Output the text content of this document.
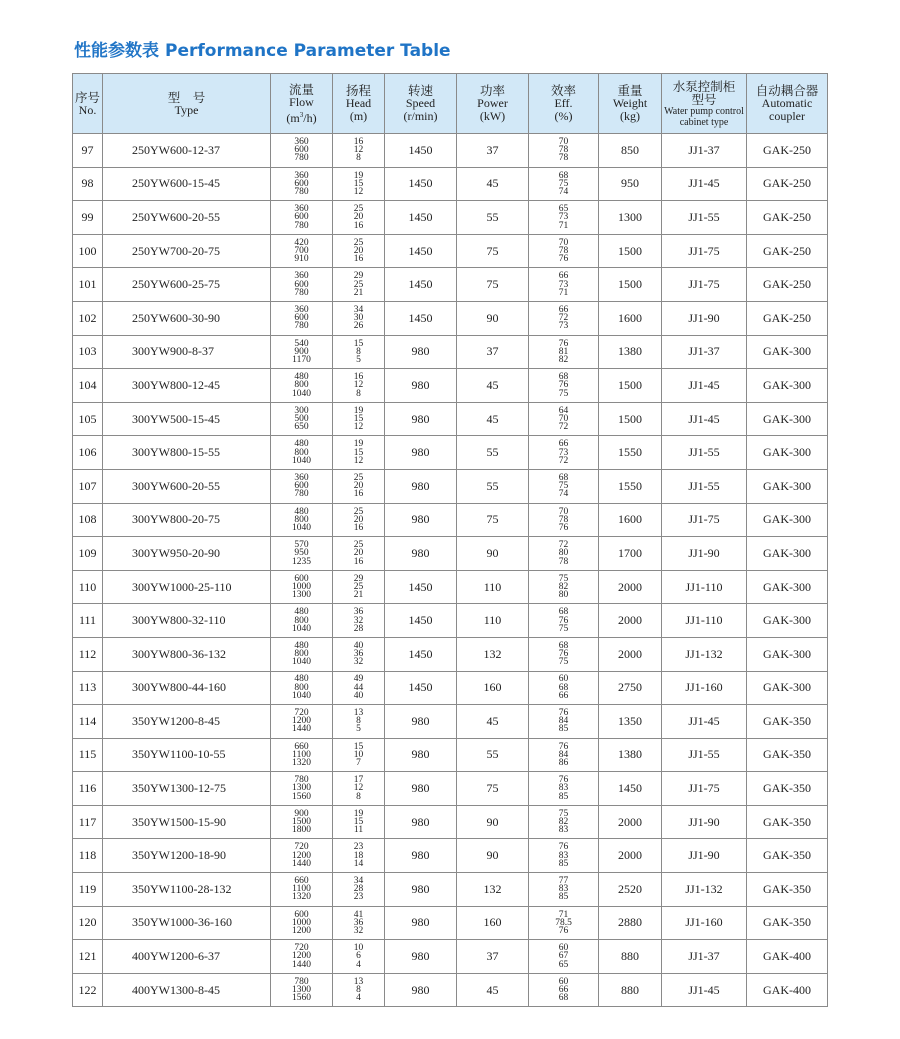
性能参数表 Performance Parameter Table
序号
No.	型　号
Type	流量
Flow
$(m^3/h)$	扬程
Head
(m)	转速
Speed
(r/min)	功率
Power
(kW)	效率
Eff.
(%)	重量
Weight
(kg)	水泵控制柜
型号
Water pump control
cabinet type	自动耦合器
Automatic
coupler

97	250YW600-12-37	360
600
780	16
12
8	1450	37	70
78
78	850	JJ1-37	GAK-250
98	250YW600-15-45	360
600
780	19
15
12	1450	45	68
75
74	950	JJ1-45	GAK-250
99	250YW600-20-55	360
600
780	25
20
16	1450	55	65
73
71	1300	JJ1-55	GAK-250
100	250YW700-20-75	420
700
910	25
20
16	1450	75	70
78
76	1500	JJ1-75	GAK-250
101	250YW600-25-75	360
600
780	29
25
21	1450	75	66
73
71	1500	JJ1-75	GAK-250
102	250YW600-30-90	360
600
780	34
30
26	1450	90	66
72
73	1600	JJ1-90	GAK-250
103	300YW900-8-37	540
900
1170	15
8
5	980	37	76
81
82	1380	JJ1-37	GAK-300
104	300YW800-12-45	480
800
1040	16
12
8	980	45	68
76
75	1500	JJ1-45	GAK-300
105	300YW500-15-45	300
500
650	19
15
12	980	45	64
70
72	1500	JJ1-45	GAK-300
106	300YW800-15-55	480
800
1040	19
15
12	980	55	66
73
72	1550	JJ1-55	GAK-300
107	300YW600-20-55	360
600
780	25
20
16	980	55	68
75
74	1550	JJ1-55	GAK-300
108	300YW800-20-75	480
800
1040	25
20
16	980	75	70
78
76	1600	JJ1-75	GAK-300
109	300YW950-20-90	570
950
1235	25
20
16	980	90	72
80
78	1700	JJ1-90	GAK-300
110	300YW1000-25-110	600
1000
1300	29
25
21	1450	110	75
82
80	2000	JJ1-110	GAK-300
111	300YW800-32-110	480
800
1040	36
32
28	1450	110	68
76
75	2000	JJ1-110	GAK-300
112	300YW800-36-132	480
800
1040	40
36
32	1450	132	68
76
75	2000	JJ1-132	GAK-300
113	300YW800-44-160	480
800
1040	49
44
40	1450	160	60
68
66	2750	JJ1-160	GAK-300
114	350YW1200-8-45	720
1200
1440	13
8
5	980	45	76
84
85	1350	JJ1-45	GAK-350
115	350YW1100-10-55	660
1100
1320	15
10
7	980	55	76
84
86	1380	JJ1-55	GAK-350
116	350YW1300-12-75	780
1300
1560	17
12
8	980	75	76
83
85	1450	JJ1-75	GAK-350
117	350YW1500-15-90	900
1500
1800	19
15
11	980	90	75
82
83	2000	JJ1-90	GAK-350
118	350YW1200-18-90	720
1200
1440	23
18
14	980	90	76
83
85	2000	JJ1-90	GAK-350
119	350YW1100-28-132	660
1100
1320	34
28
23	980	132	77
83
85	2520	JJ1-132	GAK-350
120	350YW1000-36-160	600
1000
1200	41
36
32	980	160	71
78.5
76	2880	JJ1-160	GAK-350
121	400YW1200-6-37	720
1200
1440	10
6
4	980	37	60
67
65	880	JJ1-37	GAK-400
122	400YW1300-8-45	780
1300
1560	13
8
4	980	45	60
66
68	880	JJ1-45	GAK-400
